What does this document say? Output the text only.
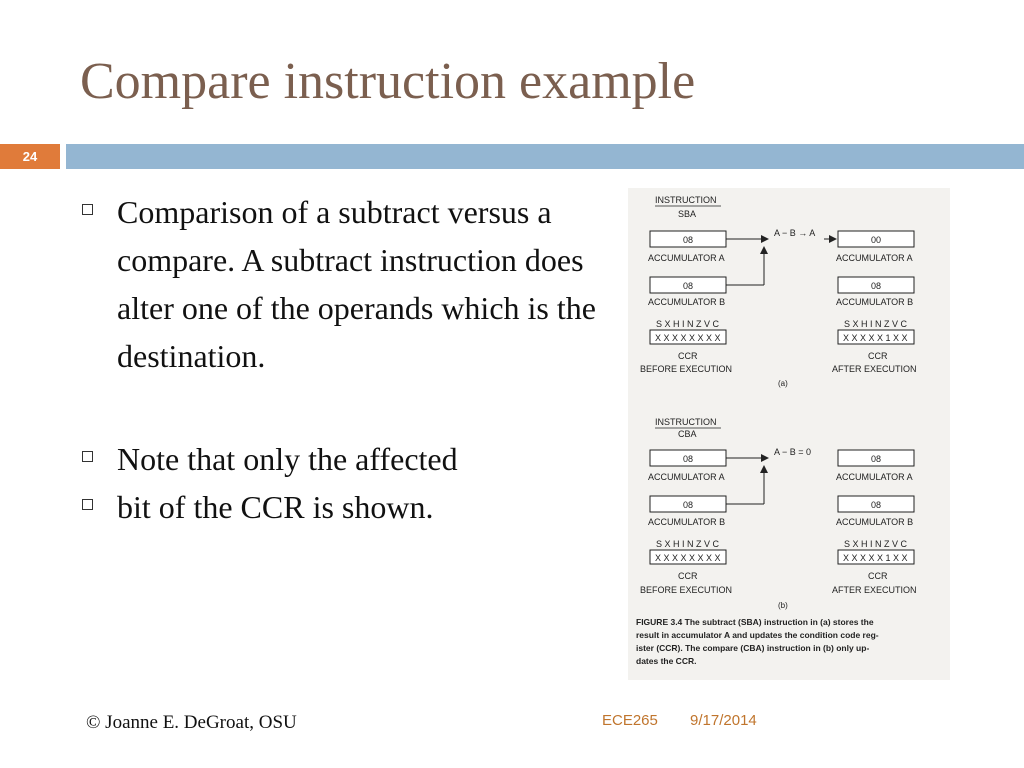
Compare instruction example
24
Comparison of a subtract versus a compare. A subtract instruction does alter one of the operands which is the destination.
Note that only the affected
bit of the CCR is shown.
INSTRUCTION
SBA
08
ACCUMULATOR A
08
ACCUMULATOR B
A − B → A
00
ACCUMULATOR A
08
ACCUMULATOR B
S X H I N Z V C
X X X X X X X X
CCR
BEFORE EXECUTION
S X H I N Z V C
X X X X X 1 X X
CCR
AFTER EXECUTION
(a)
INSTRUCTION
CBA
08
ACCUMULATOR A
08
ACCUMULATOR B
A − B = 0
08
ACCUMULATOR A
08
ACCUMULATOR B
S X H I N Z V C
X X X X X X X X
CCR
BEFORE EXECUTION
S X H I N Z V C
X X X X X 1 X X
CCR
AFTER EXECUTION
(b)
FIGURE 3.4 The subtract (SBA) instruction in (a) stores the
result in accumulator A and updates the condition code reg-
ister (CCR). The compare (CBA) instruction in (b) only up-
dates the CCR.
© Joanne E. DeGroat, OSU	ECE265 9/17/2014
